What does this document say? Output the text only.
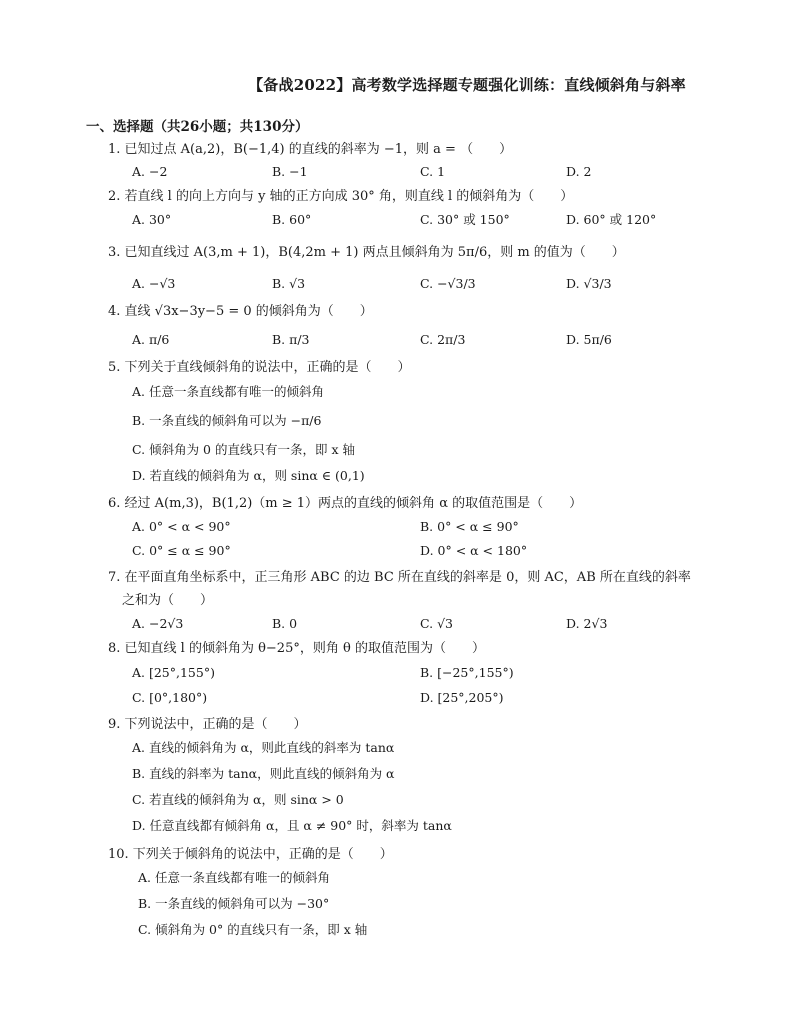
【备战2022】高考数学选择题专题强化训练：直线倾斜角与斜率
一、选择题（共26小题；共130分）
1. 已知过点 A(a,2)，B(−1,4) 的直线的斜率为 −1，则 a = （　　）
A. −2	B. −1	C. 1	D. 2
2. 若直线 l 的向上方向与 y 轴的正方向成 30° 角，则直线 l 的倾斜角为（　　）
A. 30°	B. 60°	C. 30° 或 150°	D. 60° 或 120°
3. 已知直线过 A(3,m + 1)，B(4,2m + 1) 两点且倾斜角为 5π/6，则 m 的值为（　　）
A. −√3	B. √3	C. −√3/3	D. √3/3
4. 直线 √3x−3y−5 = 0 的倾斜角为（　　）
A. π/6	B. π/3	C. 2π/3	D. 5π/6
5. 下列关于直线倾斜角的说法中，正确的是（　　）
A. 任意一条直线都有唯一的倾斜角
B. 一条直线的倾斜角可以为 −π/6
C. 倾斜角为 0 的直线只有一条，即 x 轴
D. 若直线的倾斜角为 α，则 sinα ∈ (0,1)
6. 经过 A(m,3)，B(1,2)（m ≥ 1）两点的直线的倾斜角 α 的取值范围是（　　）
A. 0° < α < 90°	B. 0° < α ≤ 90°
C. 0° ≤ α ≤ 90°	D. 0° < α < 180°
7. 在平面直角坐标系中，正三角形 ABC 的边 BC 所在直线的斜率是 0，则 AC，AB 所在直线的斜率
之和为（　　）
A. −2√3	B. 0	C. √3	D. 2√3
8. 已知直线 l 的倾斜角为 θ−25°，则角 θ 的取值范围为（　　）
A. [25°,155°)	B. [−25°,155°)
C. [0°,180°)	D. [25°,205°)
9. 下列说法中，正确的是（　　）
A. 直线的倾斜角为 α，则此直线的斜率为 tanα
B. 直线的斜率为 tanα，则此直线的倾斜角为 α
C. 若直线的倾斜角为 α，则 sinα > 0
D. 任意直线都有倾斜角 α，且 α ≠ 90° 时，斜率为 tanα
10. 下列关于倾斜角的说法中，正确的是（　　）
A. 任意一条直线都有唯一的倾斜角
B. 一条直线的倾斜角可以为 −30°
C. 倾斜角为 0° 的直线只有一条，即 x 轴
